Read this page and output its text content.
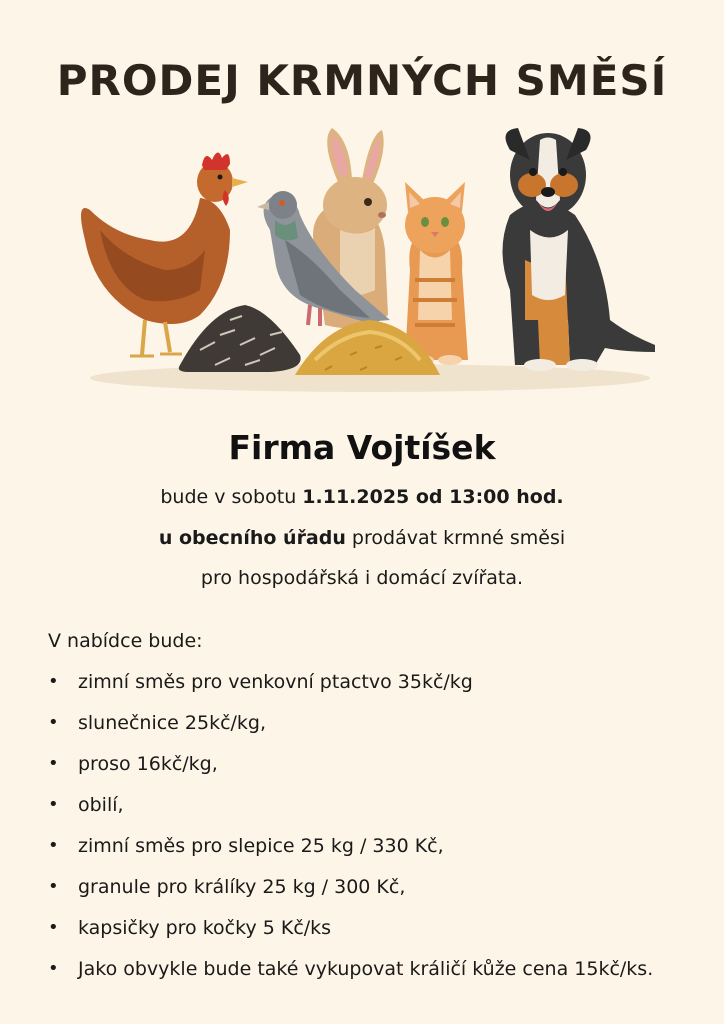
PRODEJ KRMNÝCH SMĚSÍ
Firma Vojtíšek
bude v sobotu 1.11.2025 od 13:00 hod.
u obecního úřadu prodávat krmné směsi
pro hospodářská i domácí zvířata.
V nabídce bude:
•	zimní směs pro venkovní ptactvo 35kč/kg
•	slunečnice 25kč/kg,
•	proso 16kč/kg,
•	obilí,
•	zimní směs pro slepice 25 kg / 330 Kč,
•	granule pro králíky 25 kg / 300 Kč,
•	kapsičky pro kočky 5 Kč/ks
•	Jako obvykle bude také vykupovat králičí kůže cena 15kč/ks.
